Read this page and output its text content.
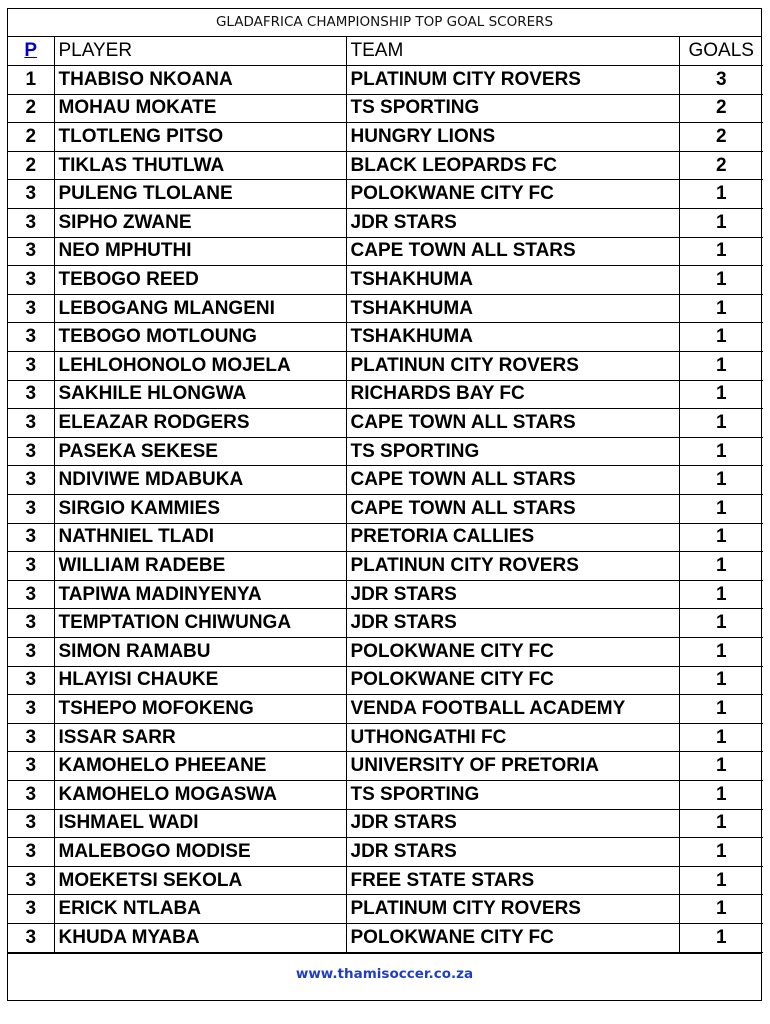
GLADAFRICA CHAMPIONSHIP TOP GOAL SCORERS
P	PLAYER	TEAM	GOALS
1	THABISO NKOANA	PLATINUM CITY ROVERS	3
2	MOHAU MOKATE	TS SPORTING	2
2	TLOTLENG PITSO	HUNGRY LIONS	2
2	TIKLAS THUTLWA	BLACK LEOPARDS FC	2
3	PULENG TLOLANE	POLOKWANE CITY FC	1
3	SIPHO ZWANE	JDR STARS	1
3	NEO MPHUTHI	CAPE TOWN ALL STARS	1
3	TEBOGO REED	TSHAKHUMA	1
3	LEBOGANG MLANGENI	TSHAKHUMA	1
3	TEBOGO MOTLOUNG	TSHAKHUMA	1
3	LEHLOHONOLO MOJELA	PLATINUN CITY ROVERS	1
3	SAKHILE HLONGWA	RICHARDS BAY FC	1
3	ELEAZAR RODGERS	CAPE TOWN ALL STARS	1
3	PASEKA SEKESE	TS SPORTING	1
3	NDIVIWE MDABUKA	CAPE TOWN ALL STARS	1
3	SIRGIO KAMMIES	CAPE TOWN ALL STARS	1
3	NATHNIEL TLADI	PRETORIA CALLIES	1
3	WILLIAM RADEBE	PLATINUN CITY ROVERS	1
3	TAPIWA MADINYENYA	JDR STARS	1
3	TEMPTATION CHIWUNGA	JDR STARS	1
3	SIMON RAMABU	POLOKWANE CITY FC	1
3	HLAYISI CHAUKE	POLOKWANE CITY FC	1
3	TSHEPO MOFOKENG	VENDA FOOTBALL ACADEMY	1
3	ISSAR SARR	UTHONGATHI FC	1
3	KAMOHELO PHEEANE	UNIVERSITY OF PRETORIA	1
3	KAMOHELO MOGASWA	TS SPORTING	1
3	ISHMAEL WADI	JDR STARS	1
3	MALEBOGO MODISE	JDR STARS	1
3	MOEKETSI SEKOLA	FREE STATE STARS	1
3	ERICK NTLABA	PLATINUM CITY ROVERS	1
3	KHUDA MYABA	POLOKWANE CITY FC	1
www.thamisoccer.co.za
